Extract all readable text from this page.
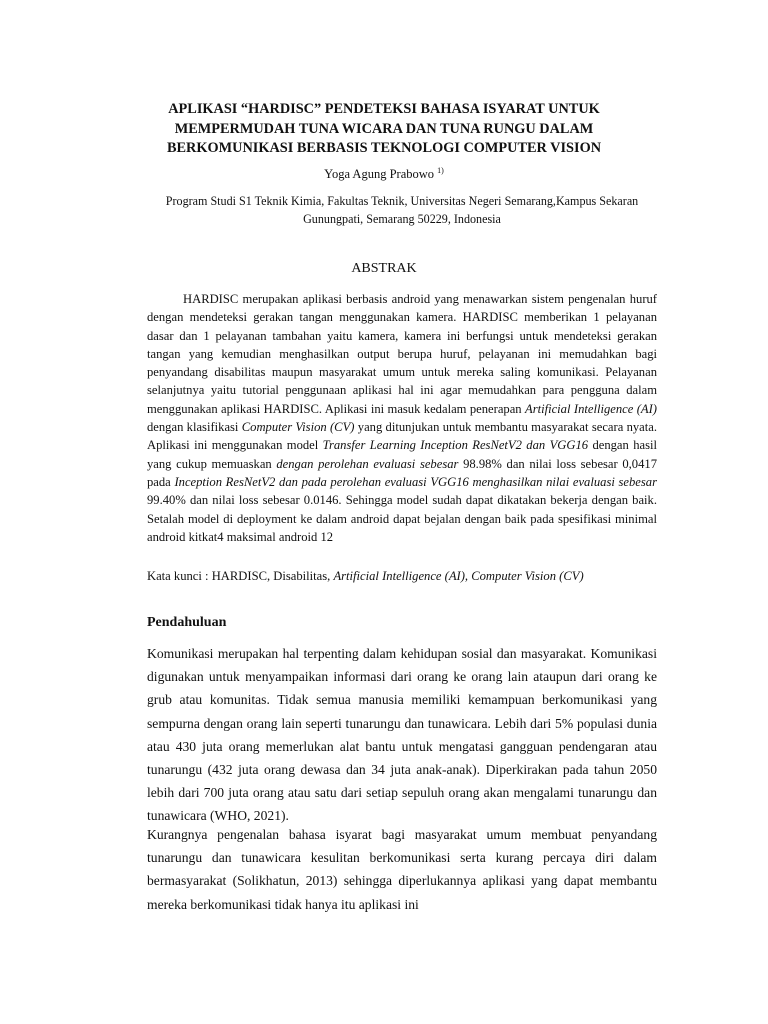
APLIKASI “HARDISC” PENDETEKSI BAHASA ISYARAT UNTUK
MEMPERMUDAH TUNA WICARA DAN TUNA RUNGU DALAM
BERKOMUNIKASI BERBASIS TEKNOLOGI COMPUTER VISION
Yoga Agung Prabowo $^{1)}$

Program Studi S1 Teknik Kimia, Fakultas Teknik, Universitas Negeri Semarang,Kampus Sekaran Gunungpati, Semarang 50229, Indonesia

ABSTRAK

HARDISC merupakan aplikasi berbasis android yang menawarkan sistem pengenalan huruf dengan mendeteksi gerakan tangan menggunakan kamera. HARDISC memberikan 1 pelayanan dasar dan 1 pelayanan tambahan yaitu kamera, kamera ini berfungsi untuk mendeteksi gerakan tangan yang kemudian menghasilkan output berupa huruf, pelayanan ini memudahkan bagi penyandang disabilitas maupun masyarakat umum untuk mereka saling komunikasi. Pelayanan selanjutnya yaitu tutorial penggunaan aplikasi hal ini agar memudahkan para pengguna dalam menggunakan aplikasi HARDISC. Aplikasi ini masuk kedalam penerapan Artificial Intelligence (AI) dengan klasifikasi Computer Vision (CV) yang ditunjukan untuk membantu masyarakat secara nyata. Aplikasi ini menggunakan model Transfer Learning Inception ResNetV2 dan VGG16 dengan hasil yang cukup memuaskan dengan perolehan evaluasi sebesar 98.98% dan nilai loss sebesar 0,0417 pada Inception ResNetV2 dan pada perolehan evaluasi VGG16 menghasilkan nilai evaluasi sebesar 99.40% dan nilai loss sebesar 0.0146. Sehingga model sudah dapat dikatakan bekerja dengan baik. Setalah model di deployment ke dalam android dapat bejalan dengan baik pada spesifikasi minimal android kitkat4 maksimal android 12

Kata kunci : HARDISC, Disabilitas, Artificial Intelligence (AI), Computer Vision (CV)

Pendahuluan

Komunikasi merupakan hal terpenting dalam kehidupan sosial dan masyarakat. Komunikasi digunakan untuk menyampaikan informasi dari orang ke orang lain ataupun dari orang ke grub atau komunitas. Tidak semua manusia memiliki kemampuan berkomunikasi yang sempurna dengan orang lain seperti tunarungu dan tunawicara. Lebih dari 5% populasi dunia atau 430 juta orang memerlukan alat bantu untuk mengatasi gangguan pendengaran atau tunarungu (432 juta orang dewasa dan 34 juta anak-anak). Diperkirakan pada tahun 2050 lebih dari 700 juta orang atau satu dari setiap sepuluh orang akan mengalami tunarungu dan tunawicara (WHO, 2021).

Kurangnya pengenalan bahasa isyarat bagi masyarakat umum membuat penyandang tunarungu dan tunawicara kesulitan berkomunikasi serta kurang percaya diri dalam bermasyarakat (Solikhatun, 2013) sehingga diperlukannya aplikasi yang dapat membantu mereka berkomunikasi tidak hanya itu aplikasi ini
